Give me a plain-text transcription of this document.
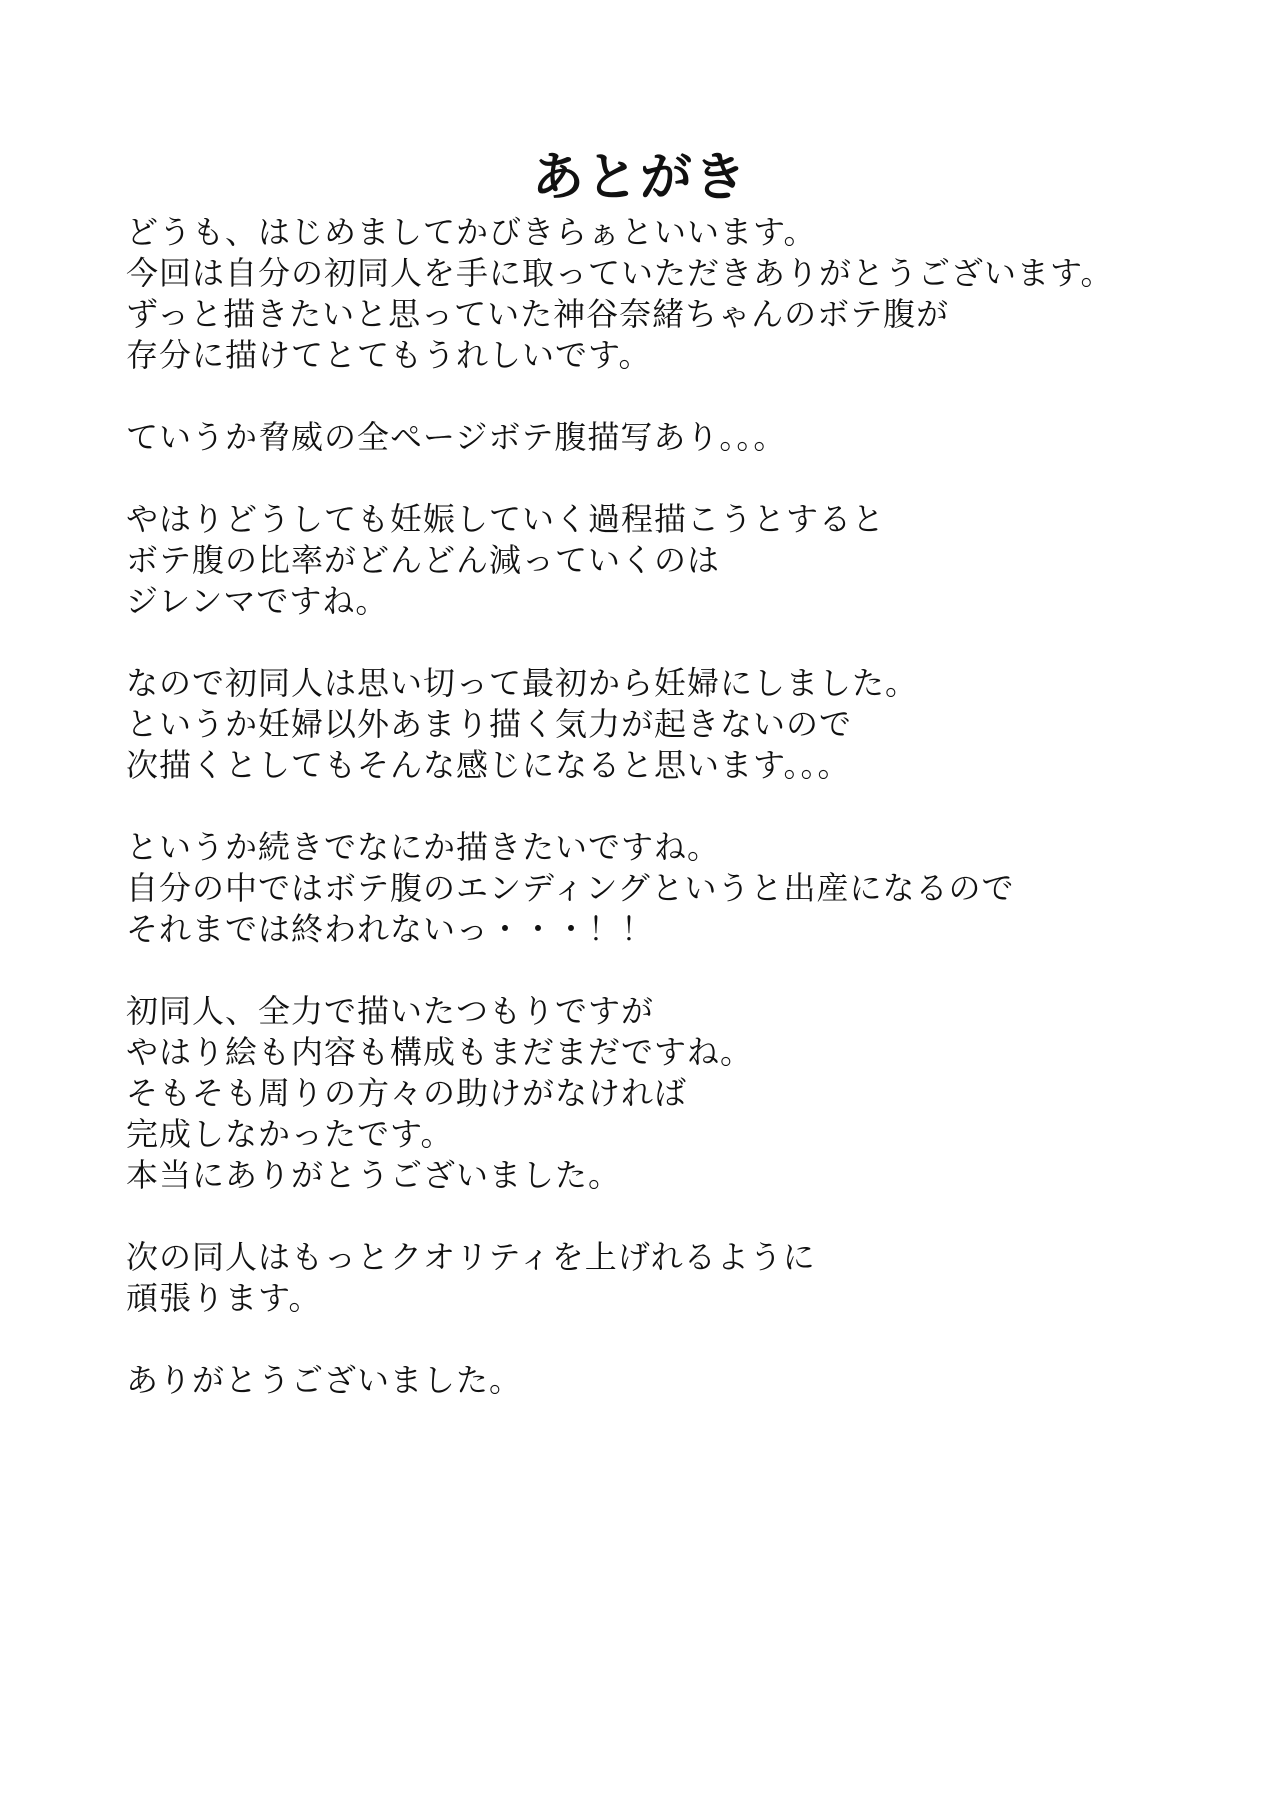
あとがき
どうも、はじめましてかびきらぁといいます。
今回は自分の初同人を手に取っていただきありがとうございます。
ずっと描きたいと思っていた神谷奈緒ちゃんのボテ腹が
存分に描けてとてもうれしいです。
ていうか脅威の全ページボテ腹描写あり。。。
やはりどうしても妊娠していく過程描こうとすると
ボテ腹の比率がどんどん減っていくのは
ジレンマですね。
なので初同人は思い切って最初から妊婦にしました。
というか妊婦以外あまり描く気力が起きないので
次描くとしてもそんな感じになると思います。。。
というか続きでなにか描きたいですね。
自分の中ではボテ腹のエンディングというと出産になるので
それまでは終われないっ・・・！！
初同人、全力で描いたつもりですが
やはり絵も内容も構成もまだまだですね。
そもそも周りの方々の助けがなければ
完成しなかったです。
本当にありがとうございました。
次の同人はもっとクオリティを上げれるように
頑張ります。
ありがとうございました。
